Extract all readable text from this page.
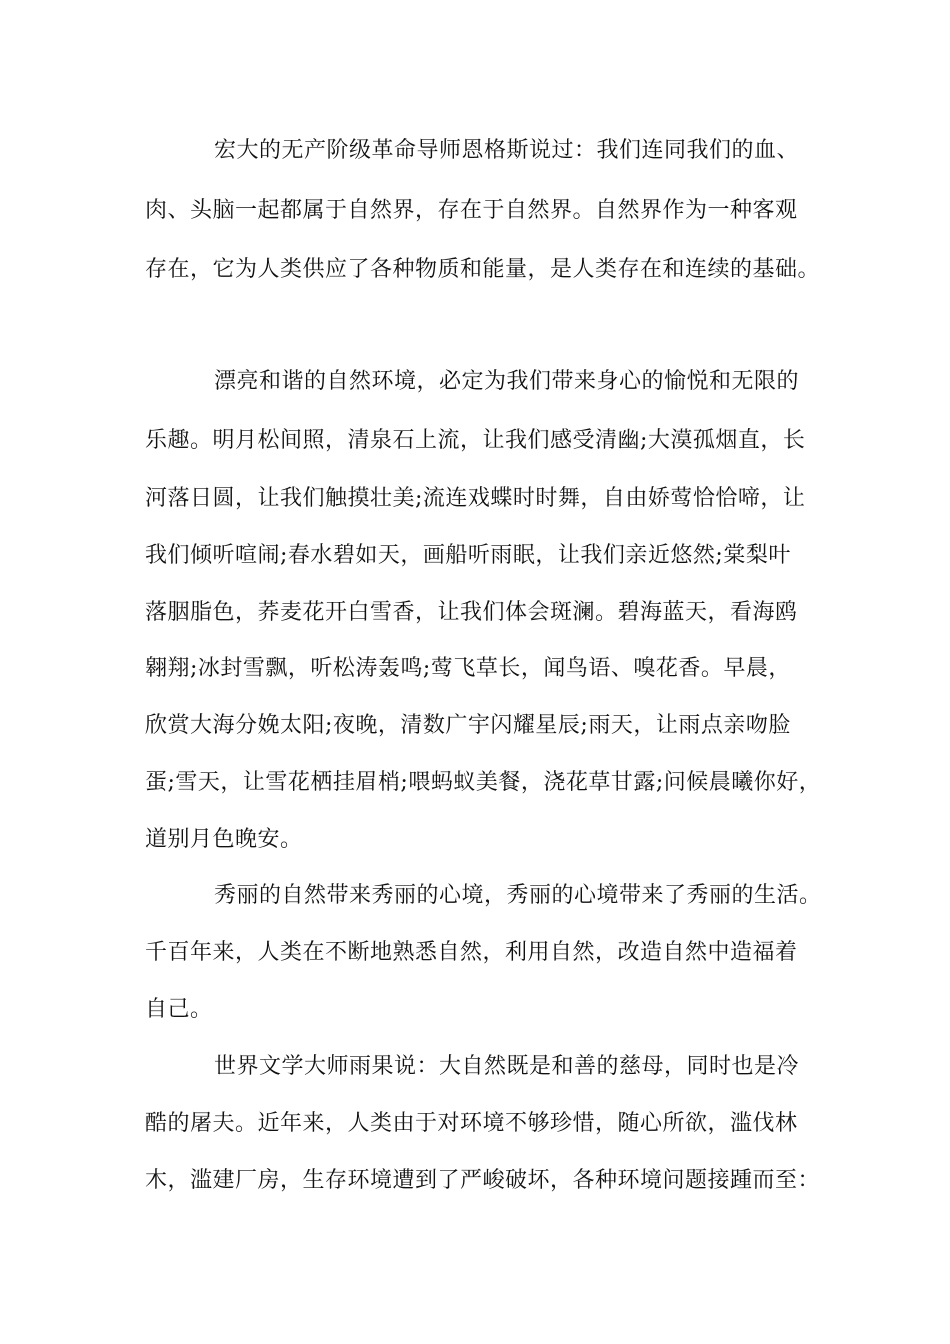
宏大的无产阶级革命导师恩格斯说过：我们连同我们的血、
肉、头脑一起都属于自然界，存在于自然界。自然界作为一种客观
存在，它为人类供应了各种物质和能量，是人类存在和连续的基础。
漂亮和谐的自然环境，必定为我们带来身心的愉悦和无限的
乐趣。明月松间照，清泉石上流，让我们感受清幽;大漠孤烟直，长
河落日圆，让我们触摸壮美;流连戏蝶时时舞，自由娇莺恰恰啼，让
我们倾听喧闹;春水碧如天，画船听雨眠，让我们亲近悠然;棠梨叶
落胭脂色，荞麦花开白雪香，让我们体会斑澜。碧海蓝天，看海鸥
翱翔;冰封雪飘，听松涛轰鸣;莺飞草长，闻鸟语、嗅花香。早晨，
欣赏大海分娩太阳;夜晚，清数广宇闪耀星辰;雨天，让雨点亲吻脸
蛋;雪天，让雪花栖挂眉梢;喂蚂蚁美餐，浇花草甘露;问候晨曦你好，
道别月色晚安。
秀丽的自然带来秀丽的心境，秀丽的心境带来了秀丽的生活。
千百年来，人类在不断地熟悉自然，利用自然，改造自然中造福着
自己。
世界文学大师雨果说：大自然既是和善的慈母，同时也是冷
酷的屠夫。近年来，人类由于对环境不够珍惜，随心所欲，滥伐林
木，滥建厂房，生存环境遭到了严峻破坏，各种环境问题接踵而至：
